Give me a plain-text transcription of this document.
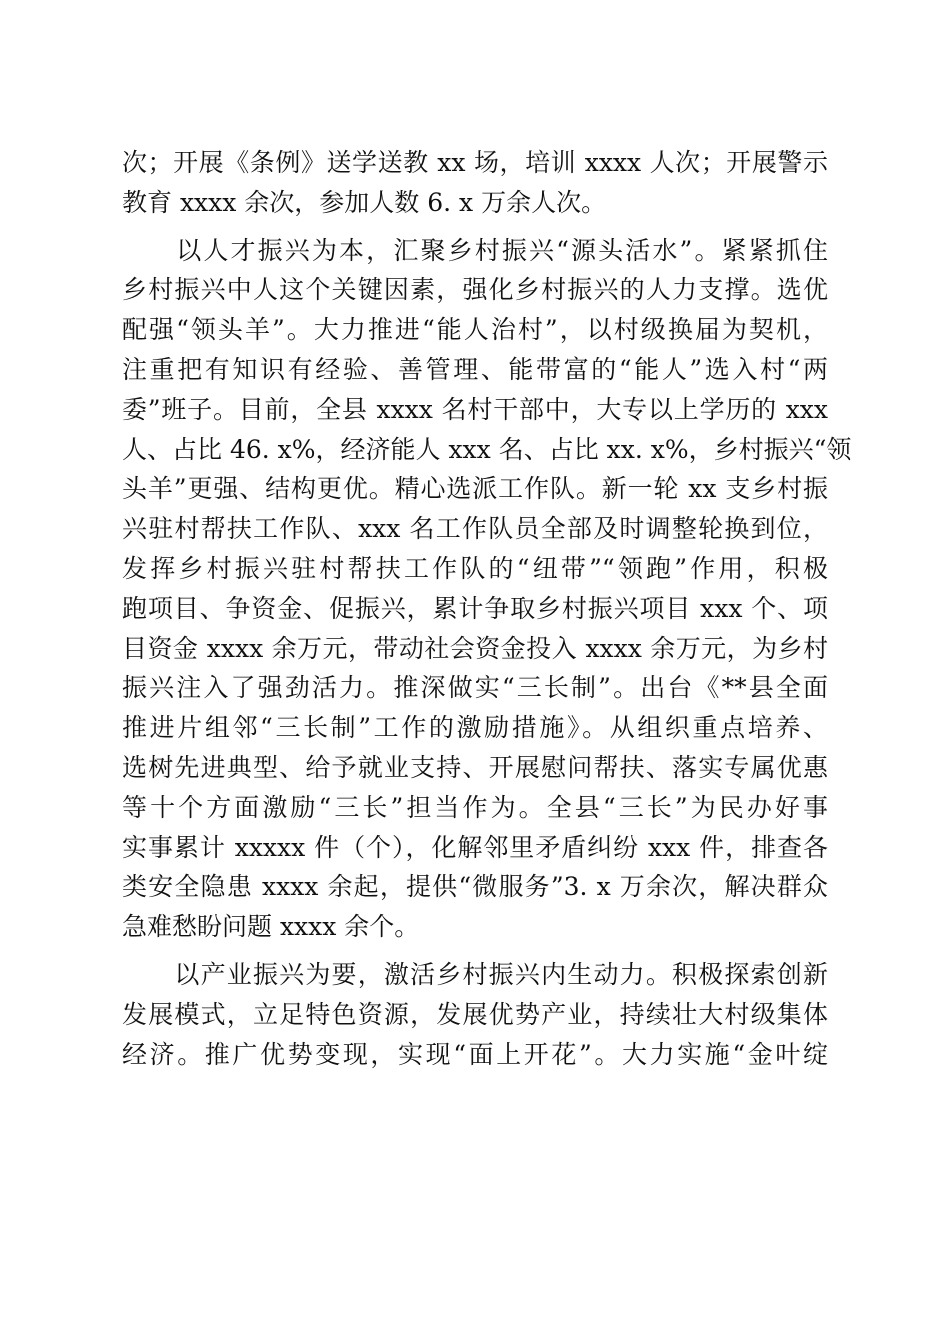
次；开展《条例》送学送教 xx 场，培训 xxxx 人次；开展警示
教育 xxxx 余次，参加人数 6. x 万余人次。
　　以人才振兴为本，汇聚乡村振兴“源头活水”。紧紧抓住
乡村振兴中人这个关键因素，强化乡村振兴的人力支撑。选优
配强“领头羊”。大力推进“能人治村”，以村级换届为契机，
注重把有知识有经验、善管理、能带富的“能人”选入村“两
委”班子。目前，全县 xxxx 名村干部中，大专以上学历的 xxx
人、占比 46. x%，经济能人 xxx 名、占比 xx. x%，乡村振兴“领
头羊”更强、结构更优。精心选派工作队。新一轮 xx 支乡村振
兴驻村帮扶工作队、xxx 名工作队员全部及时调整轮换到位，
发挥乡村振兴驻村帮扶工作队的“纽带”“领跑”作用，积极
跑项目、争资金、促振兴，累计争取乡村振兴项目 xxx 个、项
目资金 xxxx 余万元，带动社会资金投入 xxxx 余万元，为乡村
振兴注入了强劲活力。推深做实“三长制”。出台《**县全面
推进片组邻“三长制”工作的激励措施》。从组织重点培养、
选树先进典型、给予就业支持、开展慰问帮扶、落实专属优惠
等十个方面激励“三长”担当作为。全县“三长”为民办好事
实事累计 xxxxx 件（个），化解邻里矛盾纠纷 xxx 件，排查各
类安全隐患 xxxx 余起，提供“微服务”3. x 万余次，解决群众
急难愁盼问题 xxxx 余个。
　　以产业振兴为要，激活乡村振兴内生动力。积极探索创新
发展模式，立足特色资源，发展优势产业，持续壮大村级集体
经济。推广优势变现，实现“面上开花”。大力实施“金叶绽
